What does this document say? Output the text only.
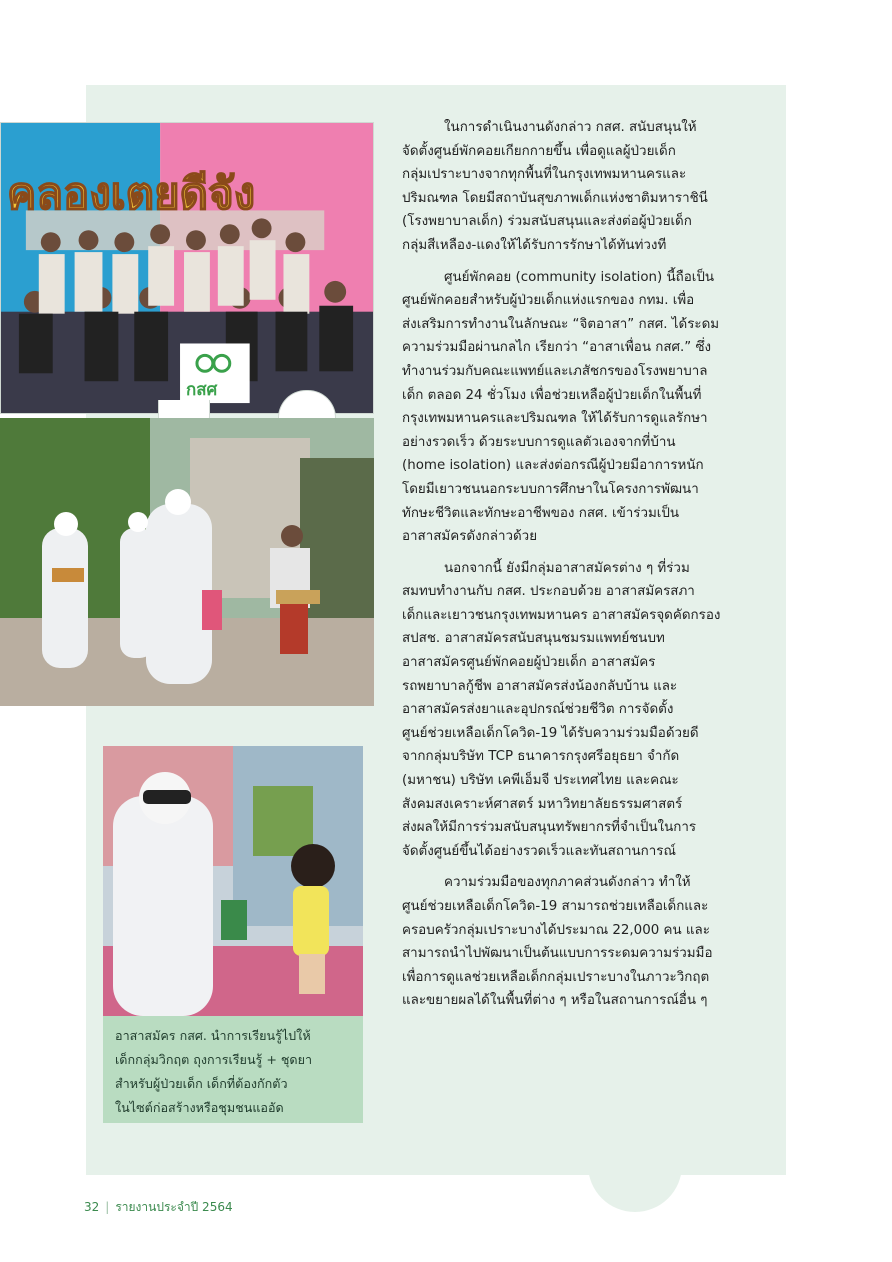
คลองเตยดีจัง
กสศ
อาสาสมัคร กสศ. นำการเรียนรู้ไปให้
เด็กกลุ่มวิกฤต ถุงการเรียนรู้ + ชุดยา
สำหรับผู้ป่วยเด็ก เด็กที่ต้องกักตัว
ในไซต์ก่อสร้างหรือชุมชนแออัด
ในการดำเนินงานดังกล่าว กสศ. สนับสนุนให้
จัดตั้งศูนย์พักคอยเกียกกายขึ้น เพื่อดูแลผู้ป่วยเด็ก
กลุ่มเปราะบางจากทุกพื้นที่ในกรุงเทพมหานครและ
ปริมณฑล โดยมีสถาบันสุขภาพเด็กแห่งชาติมหาราชินี
(โรงพยาบาลเด็ก) ร่วมสนับสนุนและส่งต่อผู้ป่วยเด็ก
กลุ่มสีเหลือง-แดงให้ได้รับการรักษาได้ทันท่วงที
ศูนย์พักคอย (community isolation) นี้ถือเป็น
ศูนย์พักคอยสำหรับผู้ป่วยเด็กแห่งแรกของ กทม. เพื่อ
ส่งเสริมการทำงานในลักษณะ “จิตอาสา” กสศ. ได้ระดม
ความร่วมมือผ่านกลไก เรียกว่า “อาสาเพื่อน กสศ.” ซึ่ง
ทำงานร่วมกับคณะแพทย์และเภสัชกรของโรงพยาบาล
เด็ก ตลอด 24 ชั่วโมง เพื่อช่วยเหลือผู้ป่วยเด็กในพื้นที่
กรุงเทพมหานครและปริมณฑล ให้ได้รับการดูแลรักษา
อย่างรวดเร็ว ด้วยระบบการดูแลตัวเองจากที่บ้าน
(home isolation) และส่งต่อกรณีผู้ป่วยมีอาการหนัก
โดยมีเยาวชนนอกระบบการศึกษาในโครงการพัฒนา
ทักษะชีวิตและทักษะอาชีพของ กสศ. เข้าร่วมเป็น
อาสาสมัครดังกล่าวด้วย
นอกจากนี้ ยังมีกลุ่มอาสาสมัครต่าง ๆ ที่ร่วม
สมทบทำงานกับ กสศ. ประกอบด้วย อาสาสมัครสภา
เด็กและเยาวชนกรุงเทพมหานคร อาสาสมัครจุดคัดกรอง
สปสช. อาสาสมัครสนับสนุนชมรมแพทย์ชนบท
อาสาสมัครศูนย์พักคอยผู้ป่วยเด็ก อาสาสมัคร
รถพยาบาลกู้ชีพ อาสาสมัครส่งน้องกลับบ้าน และ
อาสาสมัครส่งยาและอุปกรณ์ช่วยชีวิต การจัดตั้ง
ศูนย์ช่วยเหลือเด็กโควิด-19 ได้รับความร่วมมือด้วยดี
จากกลุ่มบริษัท TCP ธนาคารกรุงศรีอยุธยา จำกัด
(มหาชน) บริษัท เคพีเอ็มจี ประเทศไทย และคณะ
สังคมสงเคราะห์ศาสตร์ มหาวิทยาลัยธรรมศาสตร์
ส่งผลให้มีการร่วมสนับสนุนทรัพยากรที่จำเป็นในการ
จัดตั้งศูนย์ขึ้นได้อย่างรวดเร็วและทันสถานการณ์
ความร่วมมือของทุกภาคส่วนดังกล่าว ทำให้
ศูนย์ช่วยเหลือเด็กโควิด-19 สามารถช่วยเหลือเด็กและ
ครอบครัวกลุ่มเปราะบางได้ประมาณ 22,000 คน และ
สามารถนำไปพัฒนาเป็นต้นแบบการระดมความร่วมมือ
เพื่อการดูแลช่วยเหลือเด็กกลุ่มเปราะบางในภาวะวิกฤต
และขยายผลได้ในพื้นที่ต่าง ๆ หรือในสถานการณ์อื่น ๆ
32 | รายงานประจำปี 2564
